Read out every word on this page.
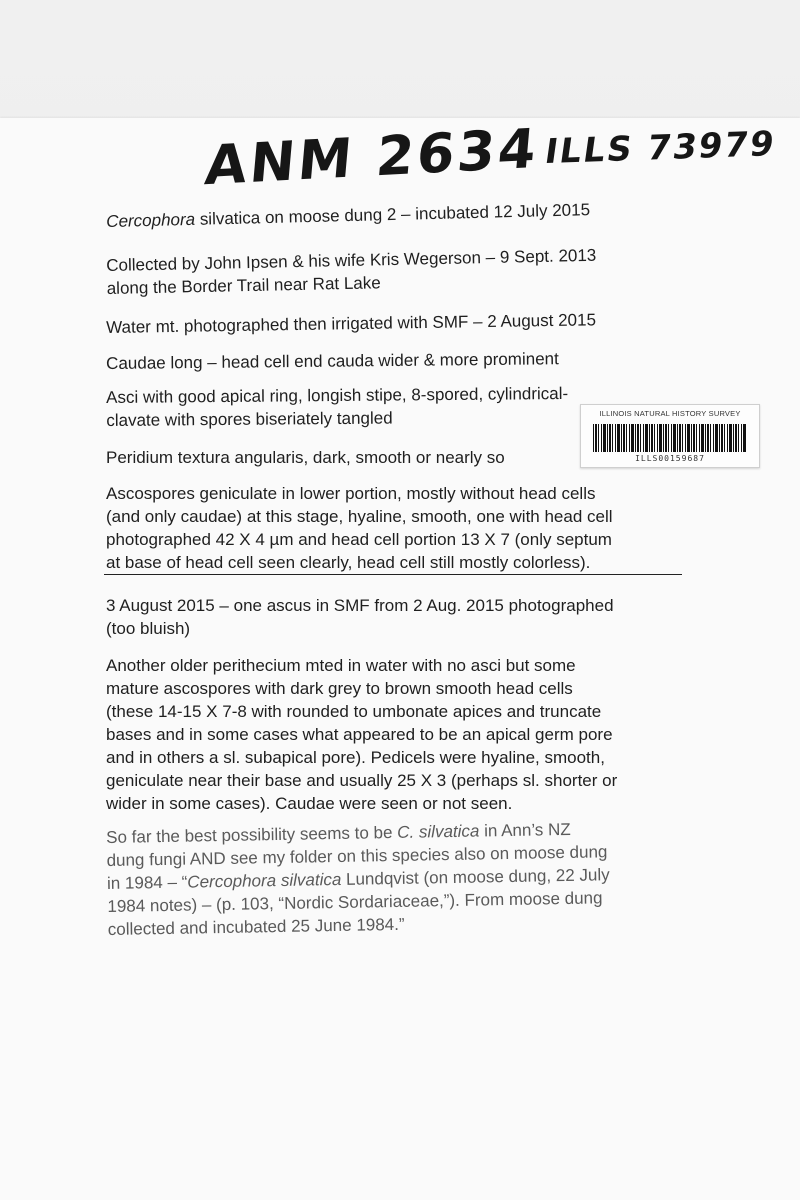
ANM 2634 ILLS 73979

Cercophora silvatica on moose dung 2 – incubated 12 July 2015

Collected by John Ipsen & his wife Kris Wegerson – 9 Sept. 2013
along the Border Trail near Rat Lake

Water mt. photographed then irrigated with SMF – 2 August 2015

Caudae long – head cell end cauda wider & more prominent

Asci with good apical ring, longish stipe, 8-spored, cylindrical-
clavate with spores biseriately tangled

Peridium textura angularis, dark, smooth or nearly so

Ascospores geniculate in lower portion, mostly without head cells
(and only caudae) at this stage, hyaline, smooth, one with head cell
photographed 42 X 4 µm and head cell portion 13 X 7 (only septum
at base of head cell seen clearly, head cell still mostly colorless).

3 August 2015 – one ascus in SMF from 2 Aug. 2015 photographed
(too bluish)

Another older perithecium mted in water with no asci but some
mature ascospores with dark grey to brown smooth head cells
(these 14-15 X 7-8 with rounded to umbonate apices and truncate
bases and in some cases what appeared to be an apical germ pore
and in others a sl. subapical pore). Pedicels were hyaline, smooth,
geniculate near their base and usually 25 X 3 (perhaps sl. shorter or
wider in some cases). Caudae were seen or not seen.

So far the best possibility seems to be C. silvatica in Ann’s NZ
dung fungi AND see my folder on this species also on moose dung
in 1984 – “Cercophora silvatica Lundqvist (on moose dung, 22 July
1984 notes) – (p. 103, “Nordic Sordariaceae,”). From moose dung
collected and incubated 25 June 1984.”

ILLINOIS NATURAL HISTORY SURVEY
ILLS00159687
